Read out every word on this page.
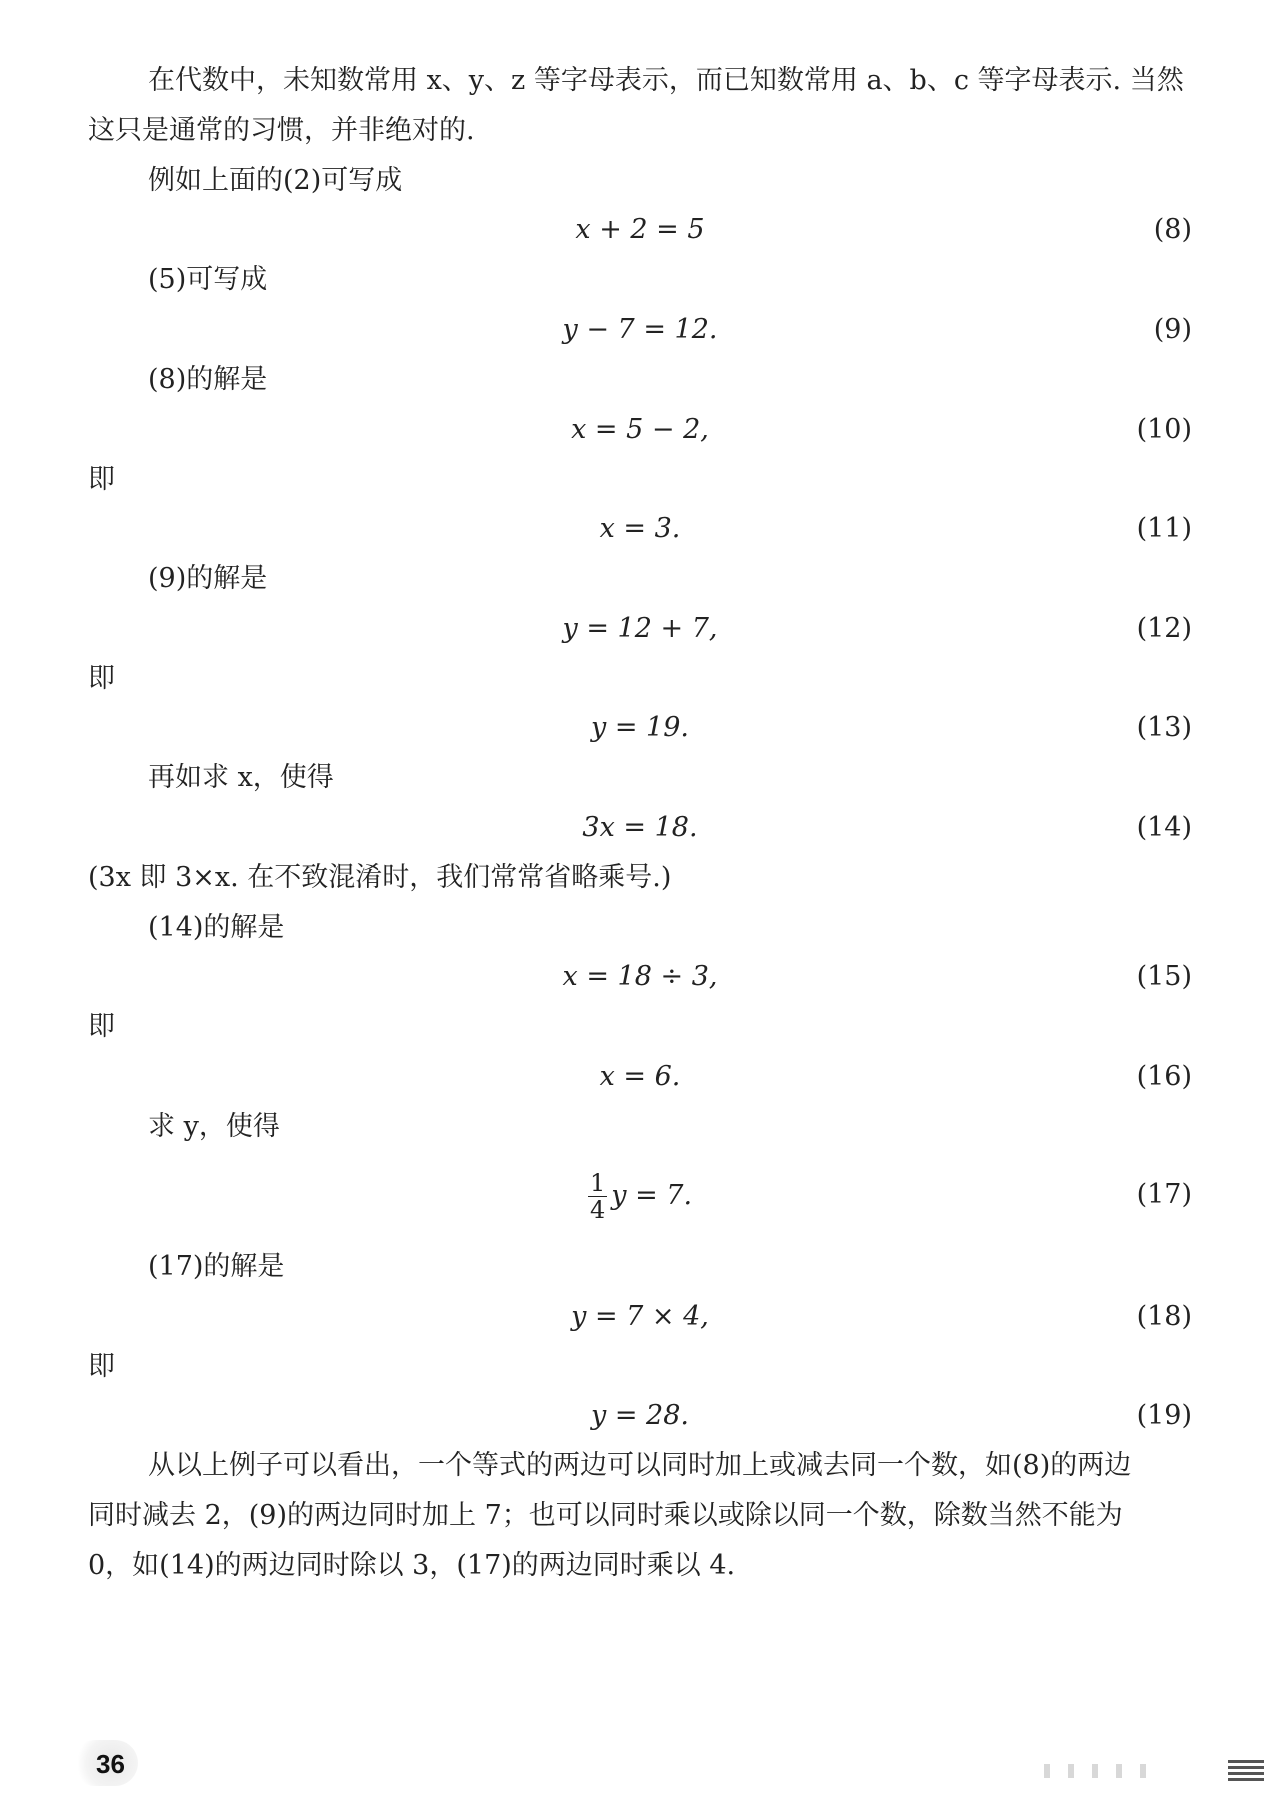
在代数中，未知数常用 x、y、z 等字母表示，而已知数常用 a、b、c 等字母表示. 当然
这只是通常的习惯，并非绝对的.
例如上面的(2)可写成
x + 2 = 5	(8)
(5)可写成
y − 7 = 12.	(9)
(8)的解是
x = 5 − 2,	(10)
即
x = 3.	(11)
(9)的解是
y = 12 + 7,	(12)
即
y = 19.	(13)
再如求 x，使得
3x = 18.	(14)
(3x 即 3×x. 在不致混淆时，我们常常省略乘号.)
(14)的解是
x = 18 ÷ 3,	(15)
即
x = 6.	(16)
求 y，使得
$\frac{1}{4}$ y = 7.	(17)
(17)的解是
y = 7 × 4,	(18)
即
y = 28.	(19)
从以上例子可以看出，一个等式的两边可以同时加上或减去同一个数，如(8)的两边
同时减去 2，(9)的两边同时加上 7；也可以同时乘以或除以同一个数，除数当然不能为
0，如(14)的两边同时除以 3，(17)的两边同时乘以 4.
36
